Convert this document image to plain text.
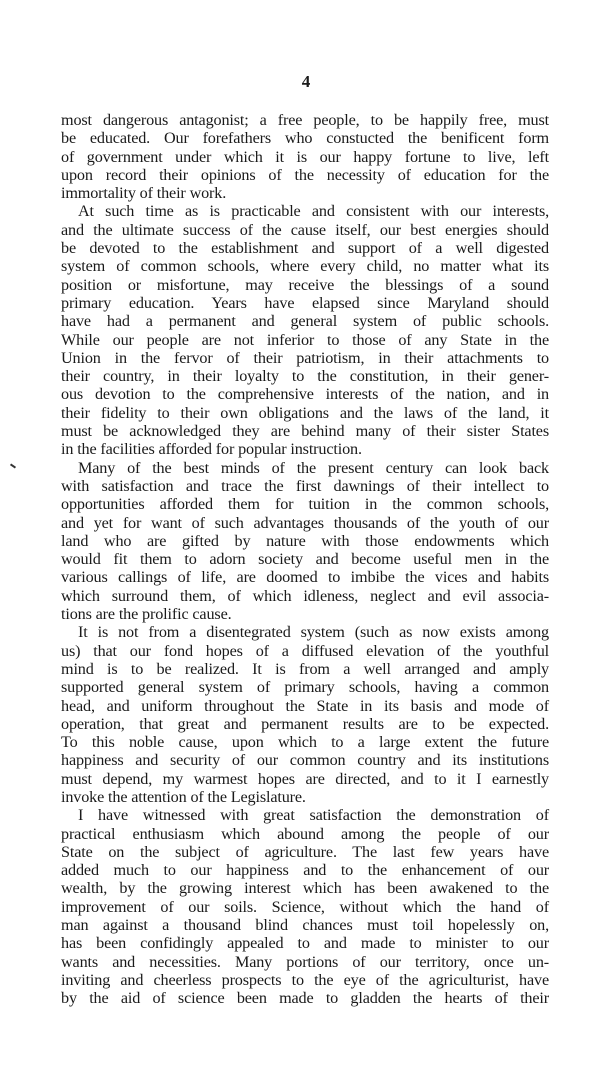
4
most dangerous antagonist; a free people, to be happily free, must
be educated. Our forefathers who constucted the benificent form
of government under which it is our happy fortune to live, left
upon record their opinions of the necessity of education for the
immortality of their work.
At such time as is practicable and consistent with our interests,
and the ultimate success of the cause itself, our best energies should
be devoted to the establishment and support of a well digested
system of common schools, where every child, no matter what its
position or misfortune, may receive the blessings of a sound
primary education. Years have elapsed since Maryland should
have had a permanent and general system of public schools.
While our people are not inferior to those of any State in the
Union in the fervor of their patriotism, in their attachments to
their country, in their loyalty to the constitution, in their gener-
ous devotion to the comprehensive interests of the nation, and in
their fidelity to their own obligations and the laws of the land, it
must be acknowledged they are behind many of their sister States
in the facilities afforded for popular instruction.
Many of the best minds of the present century can look back
with satisfaction and trace the first dawnings of their intellect to
opportunities afforded them for tuition in the common schools,
and yet for want of such advantages thousands of the youth of our
land who are gifted by nature with those endowments which
would fit them to adorn society and become useful men in the
various callings of life, are doomed to imbibe the vices and habits
which surround them, of which idleness, neglect and evil associa-
tions are the prolific cause.
It is not from a disentegrated system (such as now exists among
us) that our fond hopes of a diffused elevation of the youthful
mind is to be realized. It is from a well arranged and amply
supported general system of primary schools, having a common
head, and uniform throughout the State in its basis and mode of
operation, that great and permanent results are to be expected.
To this noble cause, upon which to a large extent the future
happiness and security of our common country and its institutions
must depend, my warmest hopes are directed, and to it I earnestly
invoke the attention of the Legislature.
I have witnessed with great satisfaction the demonstration of
practical enthusiasm which abound among the people of our
State on the subject of agriculture. The last few years have
added much to our happiness and to the enhancement of our
wealth, by the growing interest which has been awakened to the
improvement of our soils. Science, without which the hand of
man against a thousand blind chances must toil hopelessly on,
has been confidingly appealed to and made to minister to our
wants and necessities. Many portions of our territory, once un-
inviting and cheerless prospects to the eye of the agriculturist, have
by the aid of science been made to gladden the hearts of their
